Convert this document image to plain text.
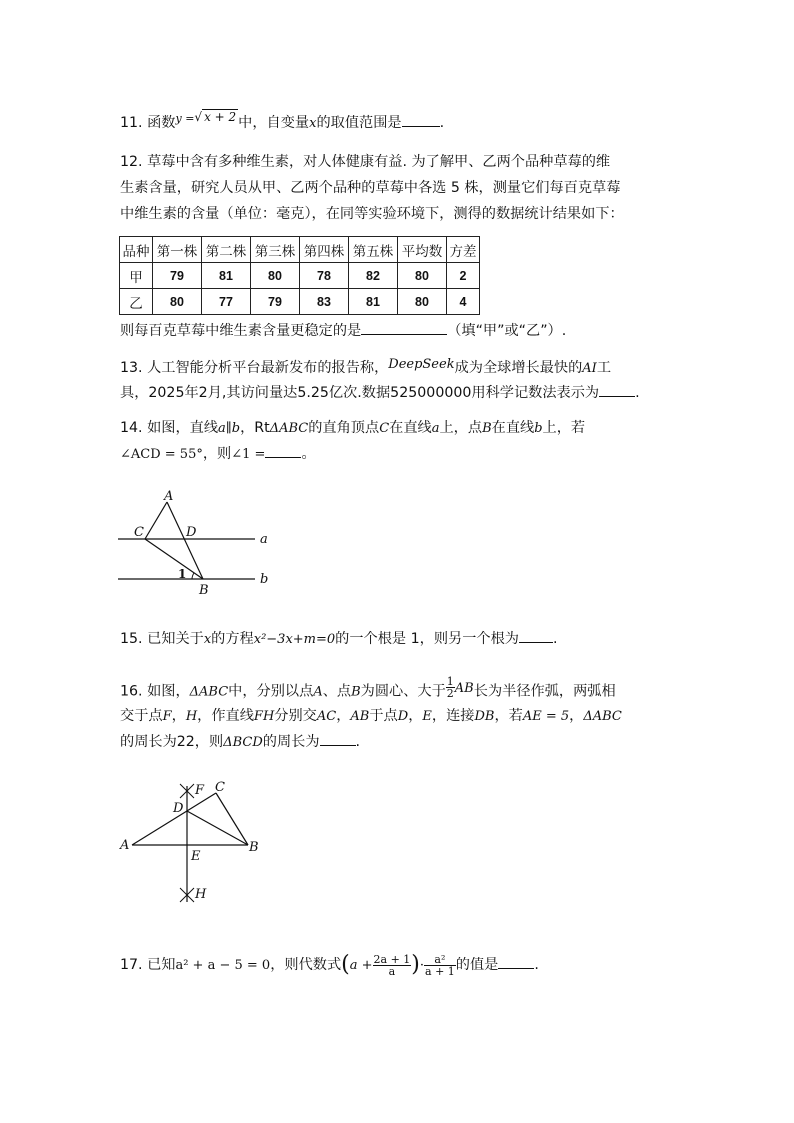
11. 函数$^{y =}$√ x + 2 中，自变量x的取值范围是	.
12. 草莓中含有多种维生素，对人体健康有益. 为了解甲、乙两个品种草莓的维
生素含量，研究人员从甲、乙两个品种的草莓中各选 5 株，测量它们每百克草莓
中维生素的含量（单位：毫克），在同等实验环境下，测得的数据统计结果如下：
品种	第一株	第二株	第三株	第四株	第五株	平均数	方差
甲	79	81	80	78	82	80	2
乙	80	77	79	83	81	80	4
则每百克草莓中维生素含量更稳定的是	（填“甲”或“乙”）.
13. 人工智能分析平台最新发布的报告称，DeepSeek成为全球增长最快的AI工
具，2025年2月,其访问量达5.25亿次.数据525000000用科学记数法表示为	.
14. 如图，直线a∥b，RtΔABC的直角顶点C在直线a上，点B在直线b上，若
∠ACD = 55°，则∠1 =	。
A
C	D	a
b
1
B
15. 已知关于x的方程x²−3x+m=0的一个根是 1，则另一个根为 .
16. 如图，ΔABC中，分别以点A、点B为圆心、大于 $\frac{1}{2}$ AB长为半径作弧，两弧相
交于点F，H，作直线FH分别交AC，AB于点D，E，连接DB，若AE = 5，ΔABC
的周长为22，则ΔBCD的周长为	.
F C
D
A	B
E
H
17. 已知a² + a − 5 = 0，则代数式($a + \frac{2a + 1}{a}$ )· $\frac{\text{a²}}{a + 1}$ 的值是	.
